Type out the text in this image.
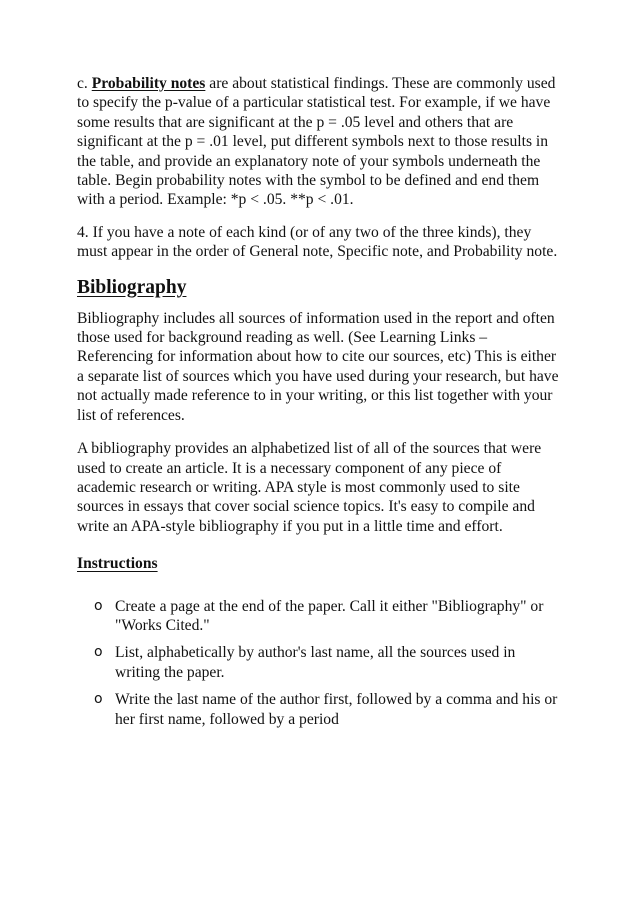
c. Probability notes are about statistical findings. These are commonly used to specify the p-value of a particular statistical test. For example, if we have some results that are significant at the p = .05 level and others that are significant at the p = .01 level, put different symbols next to those results in the table, and provide an explanatory note of your symbols underneath the table. Begin probability notes with the symbol to be defined and end them with a period. Example: *p < .05. **p < .01.

4. If you have a note of each kind (or of any two of the three kinds), they must appear in the order of General note, Specific note, and Probability note.

Bibliography

Bibliography includes all sources of information used in the report and often those used for background reading as well. (See Learning Links – Referencing for information about how to cite our sources, etc) This is either a separate list of sources which you have used during your research, but have not actually made reference to in your writing, or this list together with your list of references.

A bibliography provides an alphabetized list of all of the sources that were used to create an article. It is a necessary component of any piece of academic research or writing. APA style is most commonly used to site sources in essays that cover social science topics. It's easy to compile and write an APA-style bibliography if you put in a little time and effort.

Instructions
o Create a page at the end of the paper. Call it either "Bibliography" or "Works Cited."
o List, alphabetically by author's last name, all the sources used in writing the paper.
o Write the last name of the author first, followed by a comma and his or her first name, followed by a period
